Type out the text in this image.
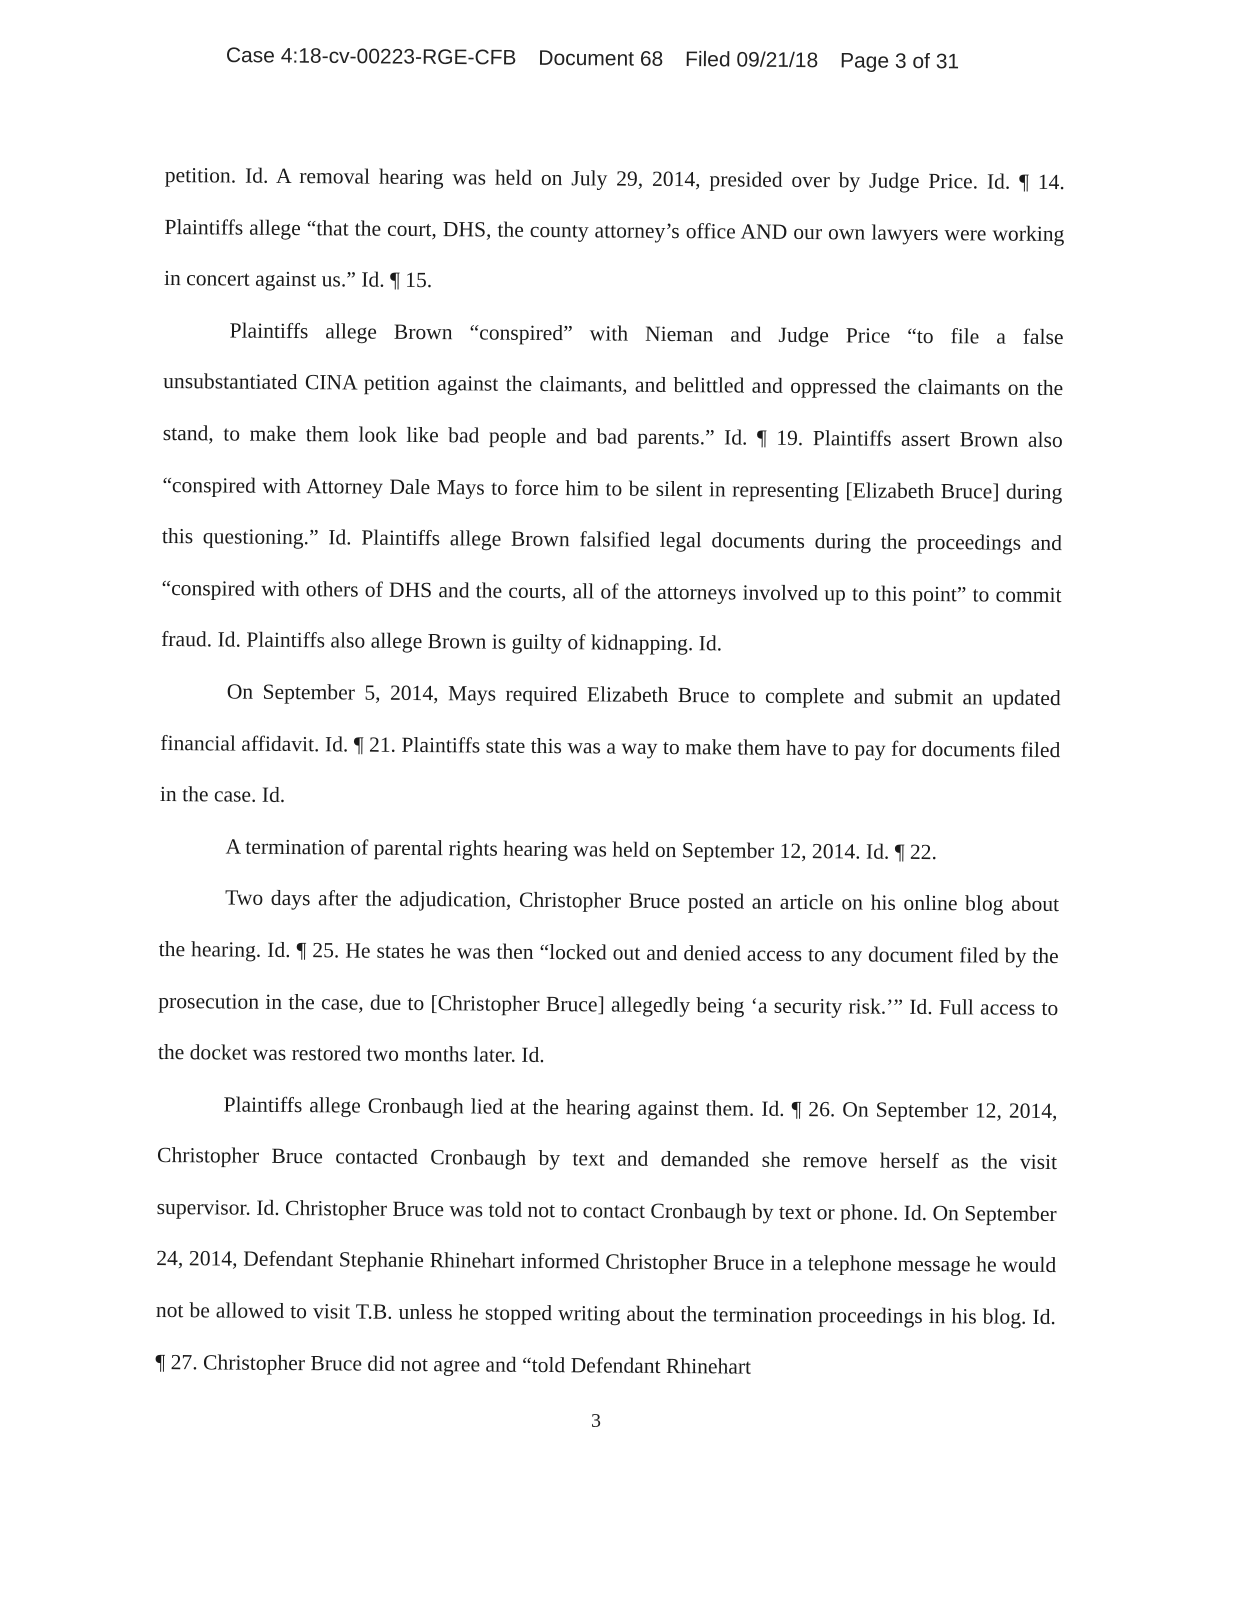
Case 4:18-cv-00223-RGE-CFB Document 68 Filed 09/21/18 Page 3 of 31

petition. Id. A removal hearing was held on July 29, 2014, presided over by Judge Price. Id. ¶ 14. Plaintiffs allege “that the court, DHS, the county attorney’s office AND our own lawyers were working in concert against us.” Id. ¶ 15.

Plaintiffs allege Brown “conspired” with Nieman and Judge Price “to file a false unsubstantiated CINA petition against the claimants, and belittled and oppressed the claimants on the stand, to make them look like bad people and bad parents.” Id. ¶ 19. Plaintiffs assert Brown also “conspired with Attorney Dale Mays to force him to be silent in representing [Elizabeth Bruce] during this questioning.” Id. Plaintiffs allege Brown falsified legal documents during the proceedings and “conspired with others of DHS and the courts, all of the attorneys involved up to this point” to commit fraud. Id. Plaintiffs also allege Brown is guilty of kidnapping. Id.

On September 5, 2014, Mays required Elizabeth Bruce to complete and submit an updated financial affidavit. Id. ¶ 21. Plaintiffs state this was a way to make them have to pay for documents filed in the case. Id.

A termination of parental rights hearing was held on September 12, 2014. Id. ¶ 22.

Two days after the adjudication, Christopher Bruce posted an article on his online blog about the hearing. Id. ¶ 25. He states he was then “locked out and denied access to any document filed by the prosecution in the case, due to [Christopher Bruce] allegedly being ‘a security risk.’” Id. Full access to the docket was restored two months later. Id.

Plaintiffs allege Cronbaugh lied at the hearing against them. Id. ¶ 26. On September 12, 2014, Christopher Bruce contacted Cronbaugh by text and demanded she remove herself as the visit supervisor. Id. Christopher Bruce was told not to contact Cronbaugh by text or phone. Id. On September 24, 2014, Defendant Stephanie Rhinehart informed Christopher Bruce in a telephone message he would not be allowed to visit T.B. unless he stopped writing about the termination proceedings in his blog. Id. ¶ 27. Christopher Bruce did not agree and “told Defendant Rhinehart

3
